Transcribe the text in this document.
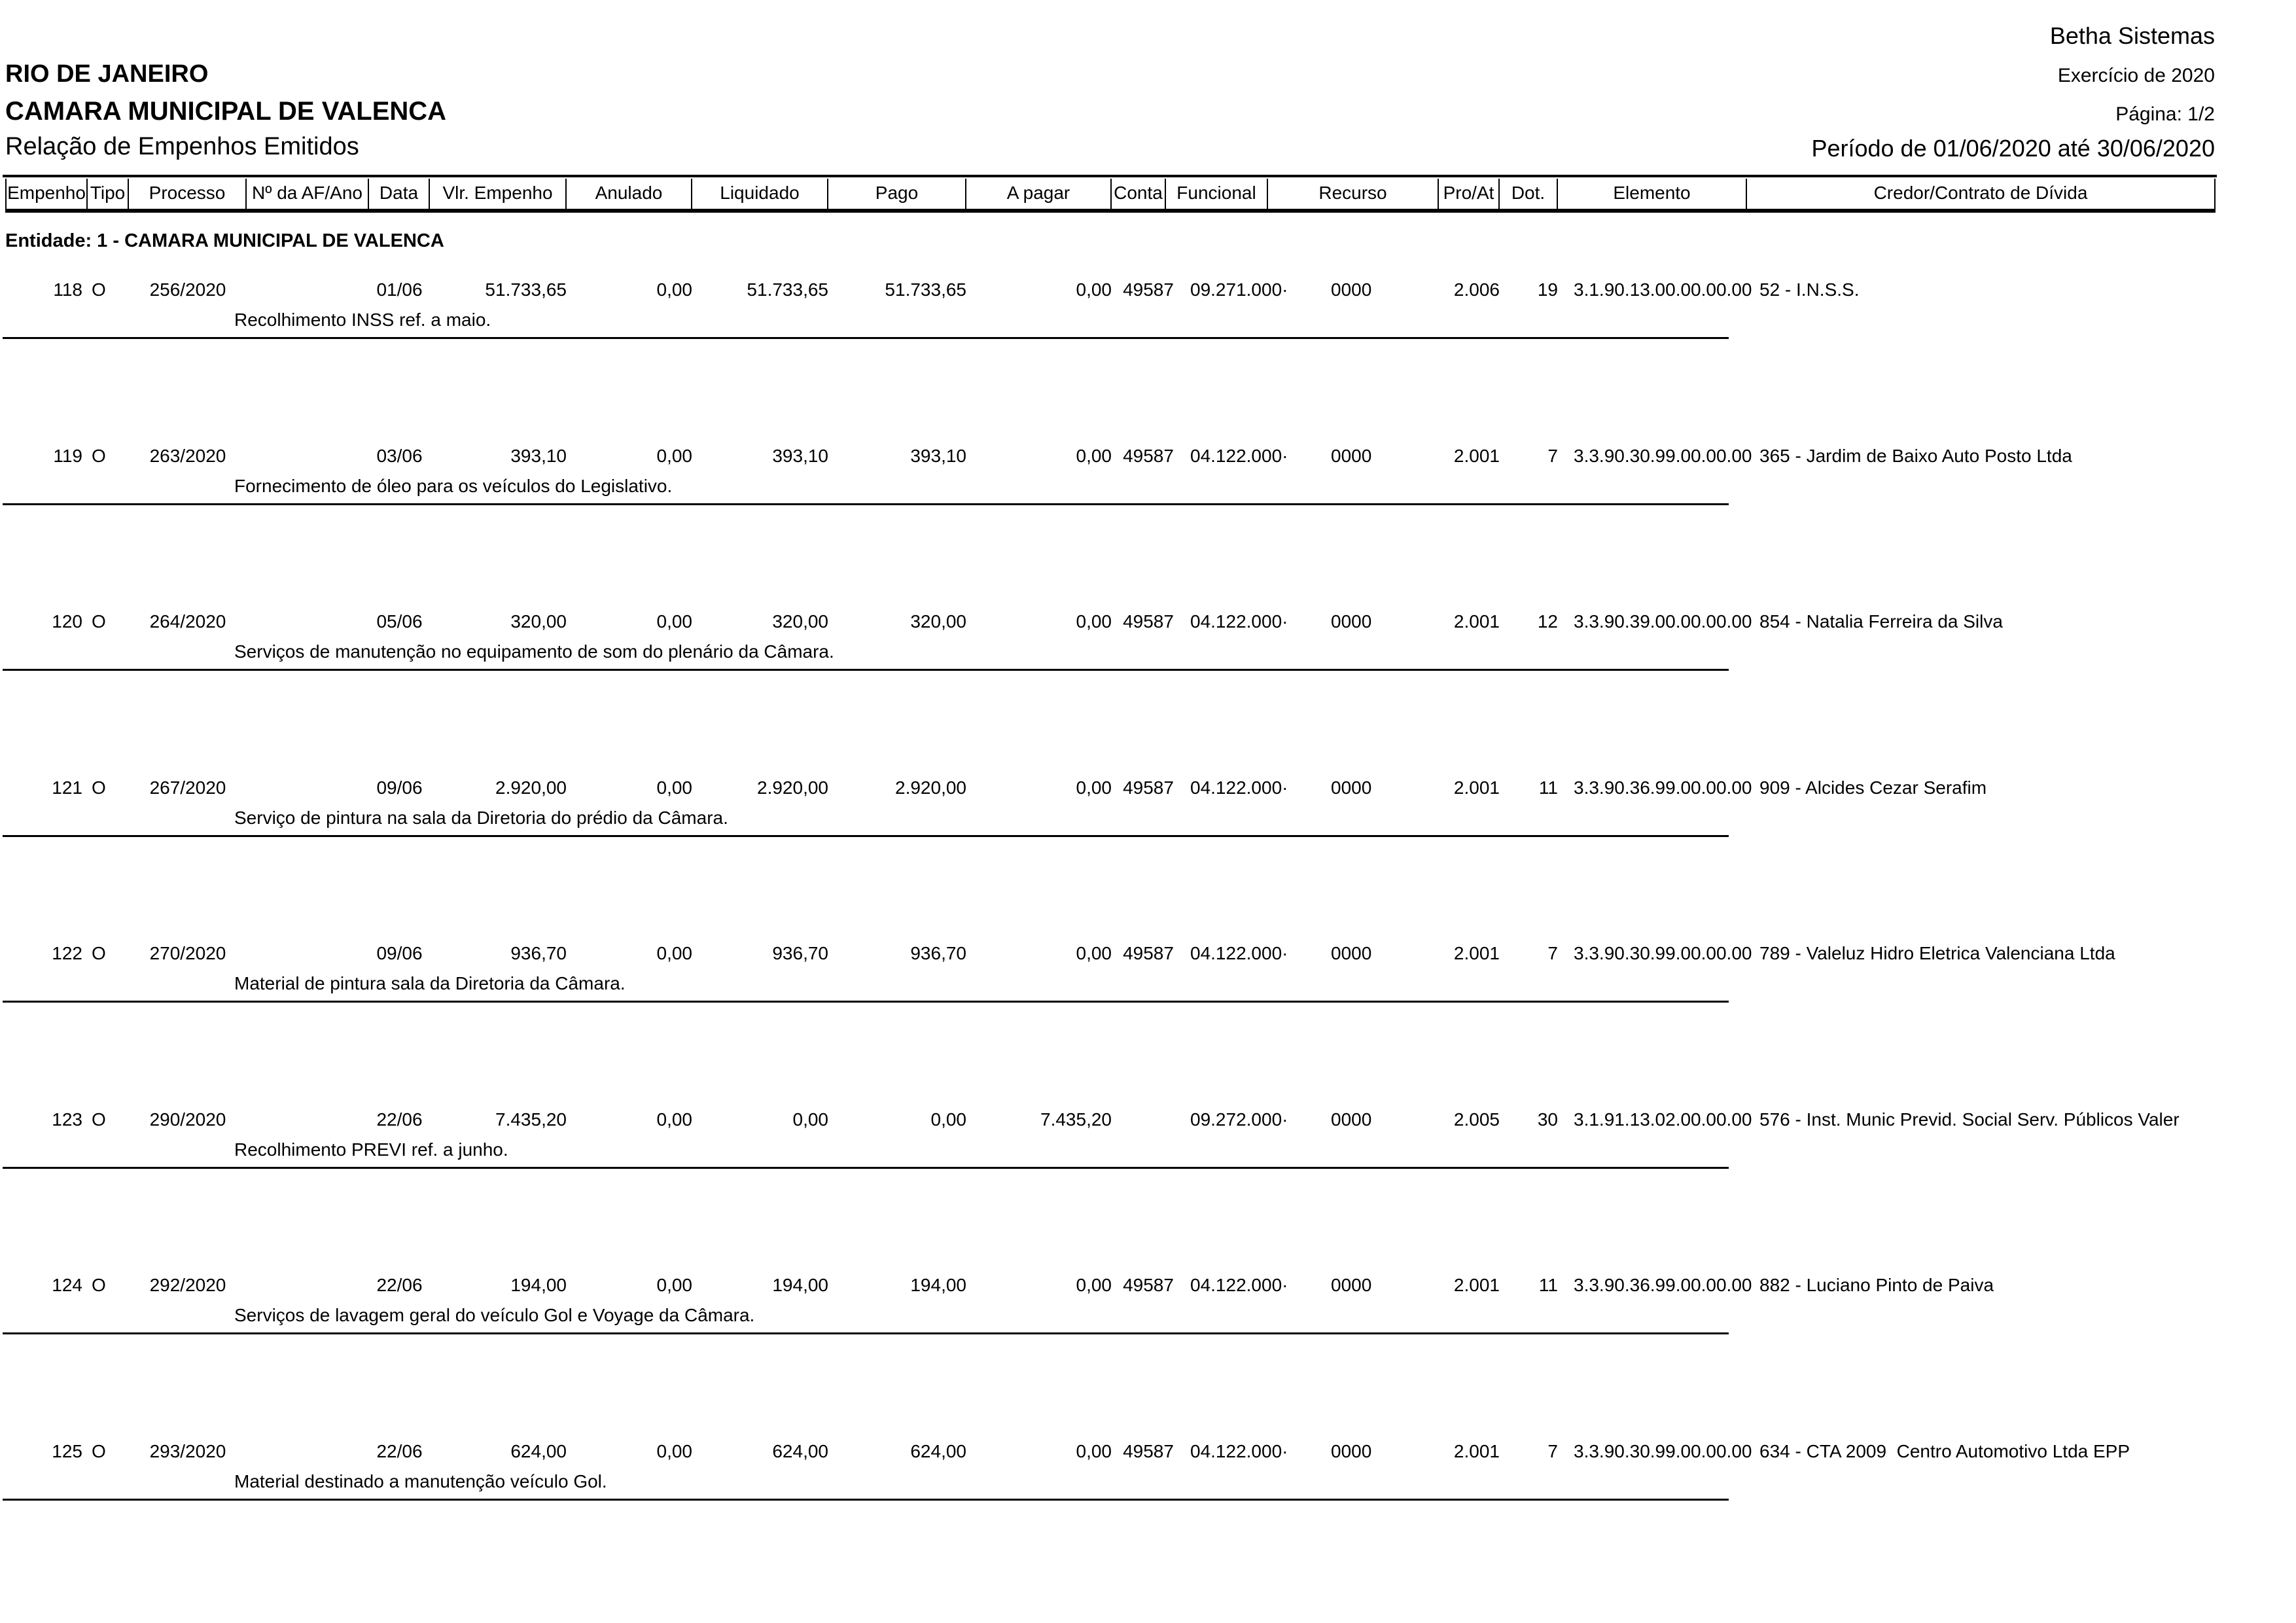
Betha Sistemas
RIO DE JANEIRO	Exercício de 2020
CAMARA MUNICIPAL DE VALENCA	Página: 1/2
Relação de Empenhos Emitidos	Período de 01/06/2020 até 30/06/2020
Empenho Tipo	Processo	Nº da AF/Ano Data	Vlr. Empenho	Anulado	Liquidado	Pago	A pagar	Conta Funcional	Recurso	Pro/At Dot.	Elemento	Credor/Contrato de Dívida
Entidade: 1 - CAMARA MUNICIPAL DE VALENCA
118 O	256/2020	01/06	51.733,65	0,00	51.733,65	51.733,65	0,00 49587 09.271.000·	0000	2.006	19 3.1.90.13.00.00.00.00 52 - I.N.S.S.
Recolhimento INSS ref. a maio.
119 O	263/2020	03/06	393,10	0,00	393,10	393,10	0,00 49587 04.122.000·	0000	2.001	7 3.3.90.30.99.00.00.00 365 - Jardim de Baixo Auto Posto Ltda
Fornecimento de óleo para os veículos do Legislativo.
120 O	264/2020	05/06	320,00	0,00	320,00	320,00	0,00 49587 04.122.000·	0000	2.001	12 3.3.90.39.00.00.00.00 854 - Natalia Ferreira da Silva
Serviços de manutenção no equipamento de som do plenário da Câmara.
121 O	267/2020	09/06	2.920,00	0,00	2.920,00	2.920,00	0,00 49587 04.122.000·	0000	2.001	11 3.3.90.36.99.00.00.00 909 - Alcides Cezar Serafim
Serviço de pintura na sala da Diretoria do prédio da Câmara.
122 O	270/2020	09/06	936,70	0,00	936,70	936,70	0,00 49587 04.122.000·	0000	2.001	7 3.3.90.30.99.00.00.00 789 - Valeluz Hidro Eletrica Valenciana Ltda
Material de pintura sala da Diretoria da Câmara.
123 O	290/2020	22/06	7.435,20	0,00	0,00	0,00	7.435,20	09.272.000·	0000	2.005	30 3.1.91.13.02.00.00.00 576 - Inst. Munic Previd. Social Serv. Públicos Valer
Recolhimento PREVI ref. a junho.
124 O	292/2020	22/06	194,00	0,00	194,00	194,00	0,00 49587 04.122.000·	0000	2.001	11 3.3.90.36.99.00.00.00 882 - Luciano Pinto de Paiva
Serviços de lavagem geral do veículo Gol e Voyage da Câmara.
125 O	293/2020	22/06	624,00	0,00	624,00	624,00	0,00 49587 04.122.000·	0000	2.001	7 3.3.90.30.99.00.00.00 634 - CTA 2009  Centro Automotivo Ltda EPP
Material destinado a manutenção veículo Gol.
